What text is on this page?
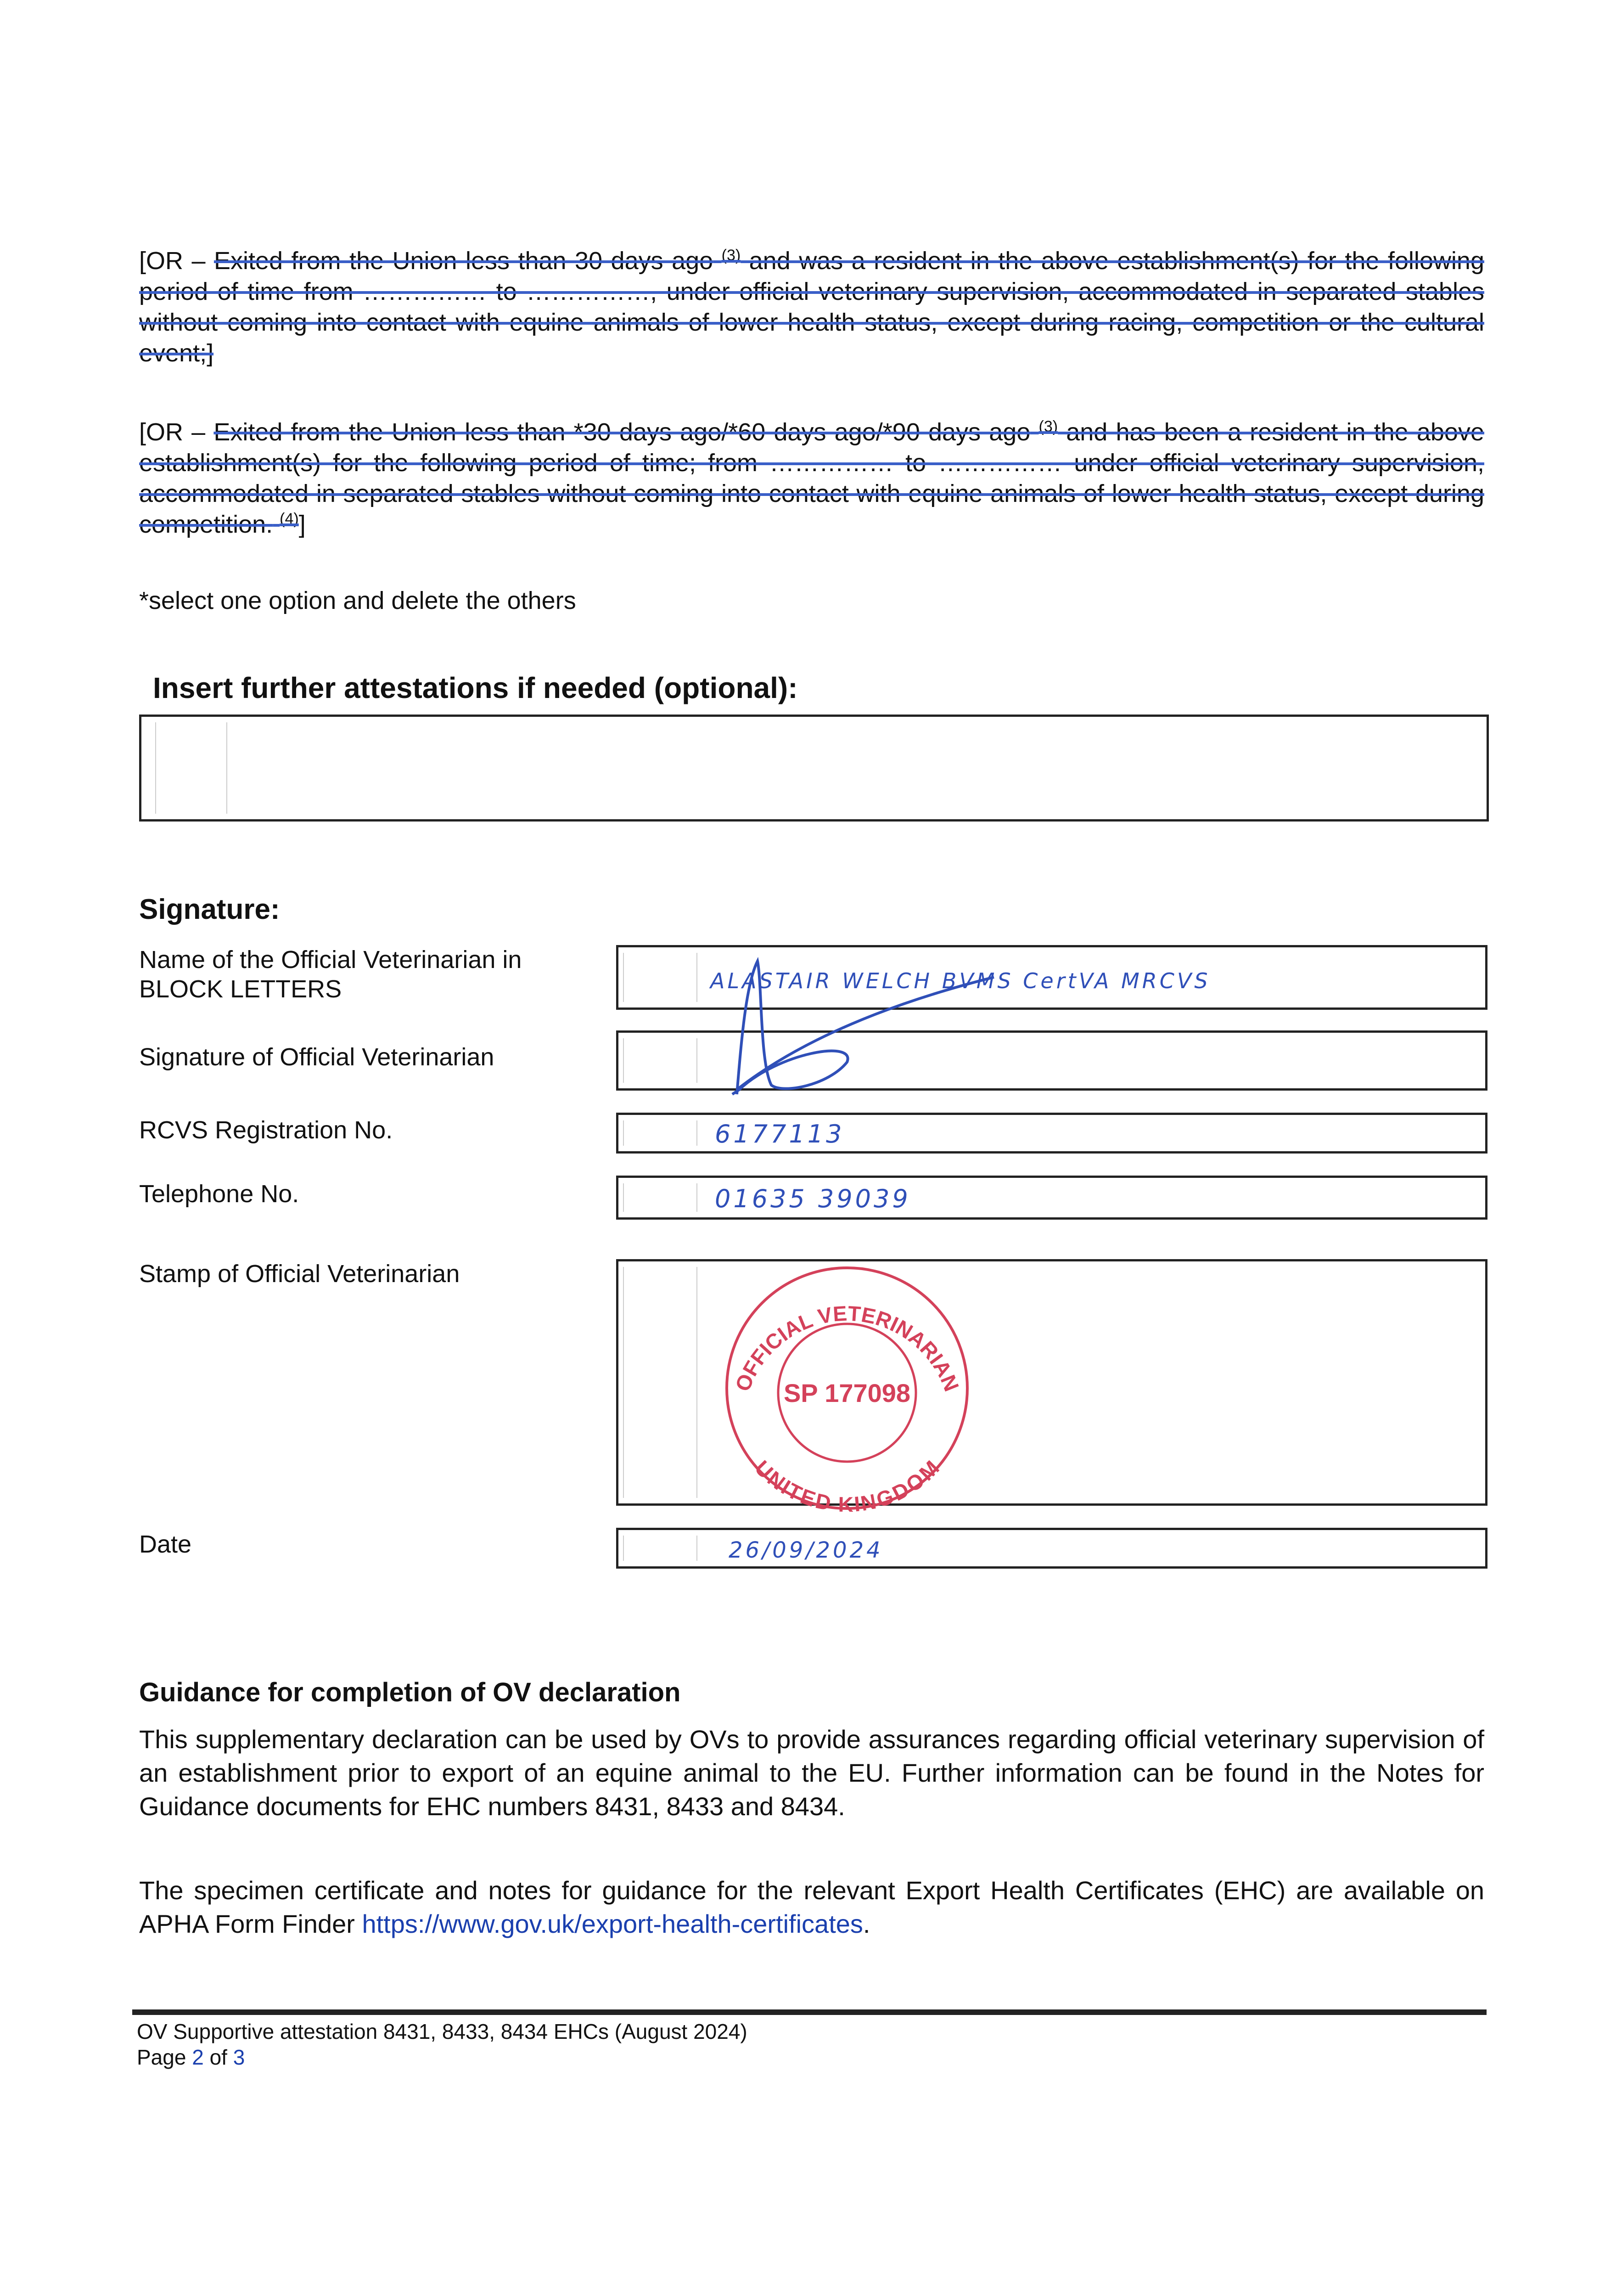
[OR – Exited from the Union less than 30 days ago $^{(3)}$ and was a resident in the above establishment(s) for the following period of time from …………… to ……………, under official veterinary supervision, accommodated in separated stables without coming into contact with equine animals of lower health status, except during racing, competition or the cultural event;]
[OR – Exited from the Union less than *30 days ago/*60 days ago/*90 days ago $^{(3)}$ and has been a resident in the above establishment(s) for the following period of time; from …………… to …………… under official veterinary supervision, accommodated in separated stables without coming into contact with equine animals of lower health status, except during competition. $^{(4)}$]
*select one option and delete the others
Insert further attestations if needed (optional):
Signature:
Name of the Official Veterinarian in BLOCK LETTERS	ALASTAIR WELCH BVMS CertVA MRCVS
Signature of Official Veterinarian
RCVS Registration No.	6177113
Telephone No.	01635 39039
Stamp of Official Veterinarian
OFFICIAL VETERINARIAN
UNITED KINGDOM
SP 177098
Date	26/09/2024
Guidance for completion of OV declaration
This supplementary declaration can be used by OVs to provide assurances regarding official veterinary supervision of an establishment prior to export of an equine animal to the EU. Further information can be found in the Notes for Guidance documents for EHC numbers 8431, 8433 and 8434.
The specimen certificate and notes for guidance for the relevant Export Health Certificates (EHC) are available on APHA Form Finder https://www.gov.uk/export-health-certificates.
OV Supportive attestation 8431, 8433, 8434 EHCs (August 2024)
Page 2 of 3
